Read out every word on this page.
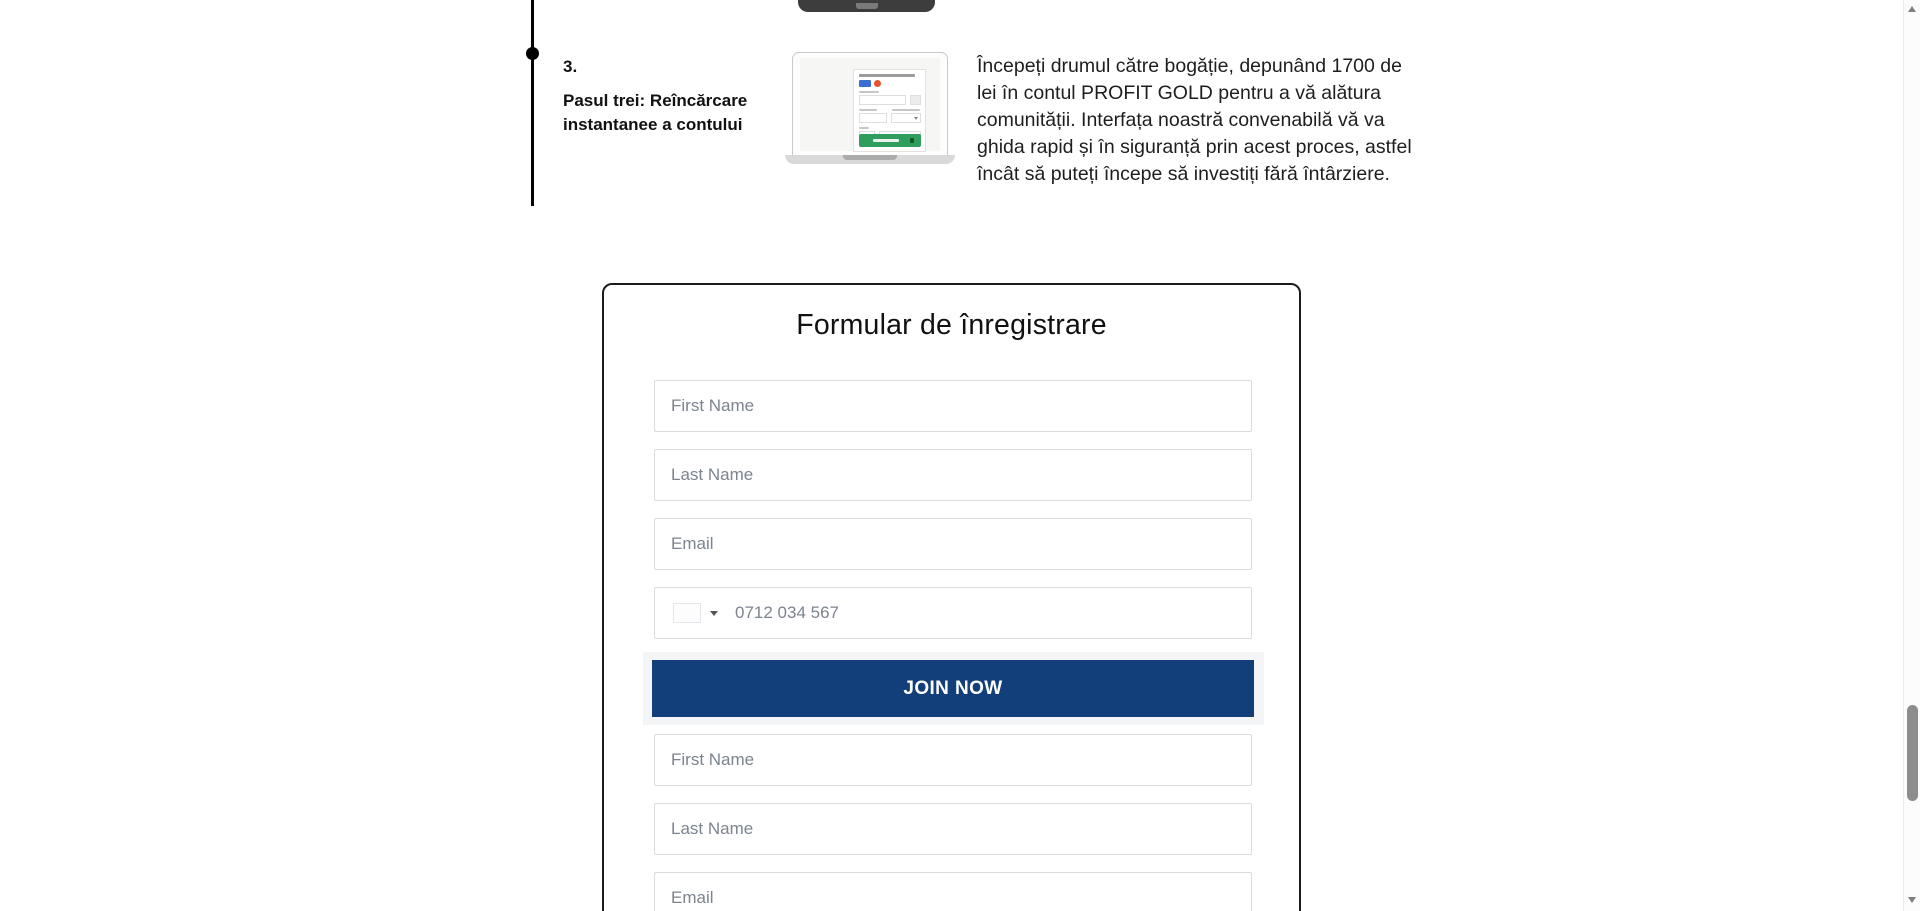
3.
Pasul trei: Reîncărcare instantanee a contului

Începeți drumul către bogăție, depunând 1700 de lei în contul PROFIT GOLD pentru a vă alătura comunității. Interfața noastră convenabilă vă va ghida rapid și în siguranță prin acest proces, astfel încât să puteți începe să investiți fără întârziere.

Formular de înregistrare
First Name
Last Name
Email
0712 034 567
JOIN NOW
First Name
Last Name
Email
